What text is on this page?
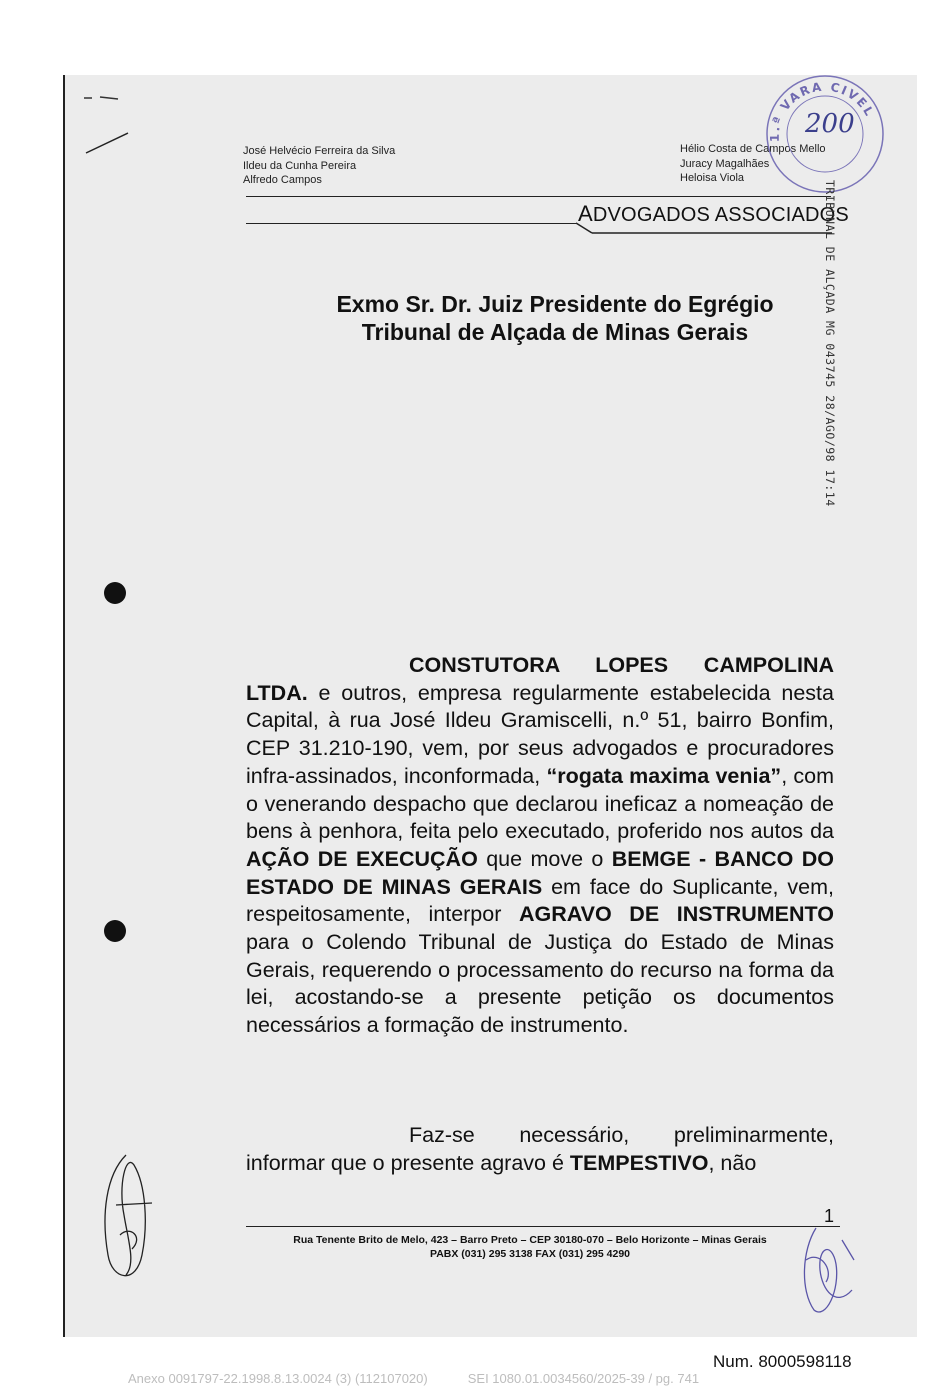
José Helvécio Ferreira da Silva
Ildeu da Cunha Pereira
Alfredo Campos
Hélio Costa de Campos Mello
Juracy Magalhães
Heloisa Viola
ADVOGADOS ASSOCIADOS
1.ª VARA CIVEL
200
TRIBUNAL DE ALÇADA MG 043745 28/AGO/98 17:14
Exmo Sr. Dr. Juiz Presidente do Egrégio
Tribunal de Alçada de Minas Gerais

CONSTUTORA LOPES CAMPOLINA LTDA. e outros, empresa regularmente estabelecida nesta Capital, à rua José Ildeu Gramiscelli, n.º 51, bairro Bonfim, CEP 31.210-190, vem, por seus advogados e procuradores infra-assinados, inconformada, “rogata maxima venia”, com o venerando despacho que declarou ineficaz a nomeação de bens à penhora, feita pelo executado, proferido nos autos da AÇÃO DE EXECUÇÃO que move o BEMGE - BANCO DO ESTADO DE MINAS GERAIS em face do Suplicante, vem, respeitosamente, interpor AGRAVO DE INSTRUMENTO para o Colendo Tribunal de Justiça do Estado de Minas Gerais, requerendo o processamento do recurso na forma da lei, acostando-se a presente petição os documentos necessários a formação de instrumento.

Faz-se necessário, preliminarmente, informar que o presente agravo é TEMPESTIVO, não

1
Rua Tenente Brito de Melo, 423 – Barro Preto – CEP 30180-070 – Belo Horizonte – Minas Gerais
PABX (031) 295 3138 FAX (031) 295 4290
Num. 8000598118
Anexo 0091797-22.1998.8.13.0024 (3) (112107020)	SEI 1080.01.0034560/2025-39 / pg. 741
